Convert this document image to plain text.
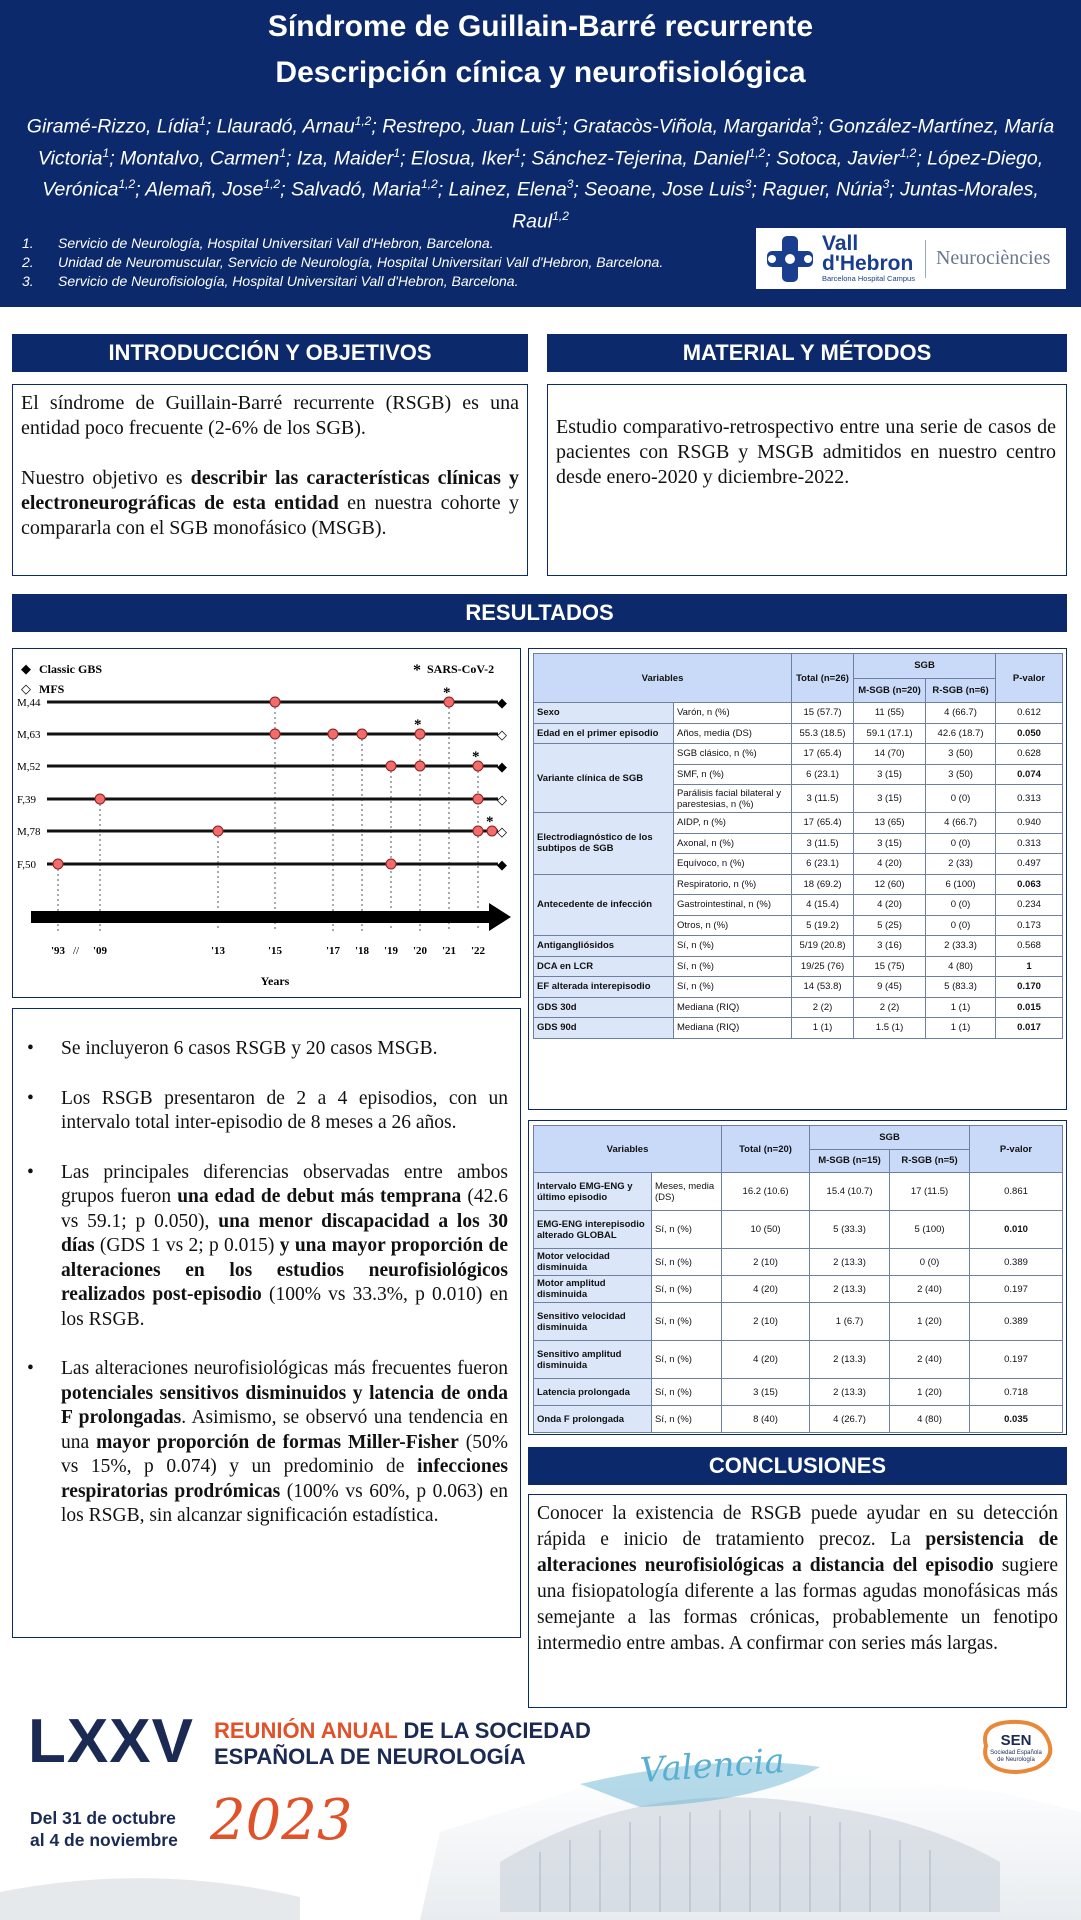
Síndrome de Guillain-Barré recurrente
Descripción cínica y neurofisiológica
Giramé-Rizzo, Lídia$^1$; Llauradó, Arnau$^{1,2}$; Restrepo, Juan Luis$^1$; Gratacòs-Viñola, Margarida$^3$; González-Martínez, María Victoria$^1$; Montalvo, Carmen$^1$; Iza, Maider$^1$; Elosua, Iker$^1$; Sánchez-Tejerina, Daniel$^{1,2}$; Sotoca, Javier$^{1,2}$; López-Diego, Verónica$^{1,2}$; Alemañ, Jose$^{1,2}$; Salvadó, Maria$^{1,2}$; Lainez, Elena$^3$; Seoane, Jose Luis$^3$; Raguer, Núria$^3$; Juntas-Morales, Raul$^{1,2}$
1.	Servicio de Neurología, Hospital Universitari Vall d'Hebron, Barcelona.
2.	Unidad de Neuromuscular, Servicio de Neurología, Hospital Universitari Vall d'Hebron, Barcelona.
3.	Servicio de Neurofisiología, Hospital Universitari Vall d'Hebron, Barcelona.
Vall
d'Hebron
Barcelona Hospital Campus
Neurociències
INTRODUCCIÓN Y OBJETIVOS

El síndrome de Guillain-Barré recurrente (RSGB) es una entidad poco frecuente (2-6% de los SGB).

Nuestro objetivo es describir las características clínicas y electroneurográficas de esta entidad en nuestra cohorte y compararla con el SGB monofásico (MSGB).

MATERIAL Y MÉTODOS

Estudio comparativo-retrospectivo entre una serie de casos de pacientes con RSGB y MSGB admitidos en nuestro centro desde enero-2020 y diciembre-2022.

RESULTADOS
◆ Classic GBS
◇ MFS
* SARS-CoV-2
M,44	◆
*
M,63	◇
*
M,52	◆
*
F,39	◇
M,78	◇
*
F,50	◆
'93	'09	'13	'15	'17 '18 '19 '20 '21 '22
//
Years
• Se incluyeron 6 casos RSGB y 20 casos MSGB.
• Los RSGB presentaron de 2 a 4 episodios, con un intervalo total inter-episodio de 8 meses a 26 años.
• Las principales diferencias observadas entre ambos grupos fueron una edad de debut más temprana (42.6 vs 59.1; p 0.050), una menor discapacidad a los 30 días (GDS 1 vs 2; p 0.015) y una mayor proporción de alteraciones en los estudios neurofisiológicos realizados post-episodio (100% vs 33.3%, p 0.010) en los RSGB.
• Las alteraciones neurofisiológicas más frecuentes fueron potenciales sensitivos disminuidos y latencia de onda F prolongadas. Asimismo, se observó una tendencia en una mayor proporción de formas Miller-Fisher (50% vs 15%, p 0.074) y un predominio de infecciones respiratorias prodrómicas (100% vs 60%, p 0.063) en los RSGB, sin alcanzar significación estadística.
Variables		Total (n=26)	SGB		P-valor
			M-SGB (n=20)	R-SGB (n=6)	
Sexo	Varón, n (%)	15 (57.7)	11 (55)	4 (66.7)	0.612
Edad en el primer episodio	Años, media (DS)	55.3 (18.5)	59.1 (17.1)	42.6 (18.7)	0.050
Variante clínica de SGB	SGB clásico, n (%)	17 (65.4)	14 (70)	3 (50)	0.628
	SMF, n (%)	6 (23.1)	3 (15)	3 (50)	0.074
	Parálisis facial bilateral y parestesias, n (%)	3 (11.5)	3 (15)	0 (0)	0.313
Electrodiagnóstico de los subtipos de SGB	AIDP, n (%)	17 (65.4)	13 (65)	4 (66.7)	0.940
	Axonal, n (%)	3 (11.5)	3 (15)	0 (0)	0.313
	Equívoco, n (%)	6 (23.1)	4 (20)	2 (33)	0.497
Antecedente de infección	Respiratorio, n (%)	18 (69.2)	12 (60)	6 (100)	0.063
	Gastrointestinal, n (%)	4 (15.4)	4 (20)	0 (0)	0.234
	Otros, n (%)	5 (19.2)	5 (25)	0 (0)	0.173
Antigangliósidos	Sí, n (%)	5/19 (20.8)	3 (16)	2 (33.3)	0.568
DCA en LCR	Sí, n (%)	19/25 (76)	15 (75)	4 (80)	1
EF alterada interepisodio	Sí, n (%)	14 (53.8)	9 (45)	5 (83.3)	0.170
GDS 30d	Mediana (RIQ)	2 (2)	2 (2)	1 (1)	0.015
GDS 90d	Mediana (RIQ)	1 (1)	1.5 (1)	1 (1)	0.017
Variables		Total (n=20)	SGB		P-valor
			M-SGB (n=15)	R-SGB (n=5)	
Intervalo EMG-ENG y último episodio	Meses, media (DS)	16.2 (10.6)	15.4 (10.7)	17 (11.5)	0.861
EMG-ENG interepisodio alterado GLOBAL	Sí, n (%)	10 (50)	5 (33.3)	5 (100)	0.010
Motor velocidad disminuida	Sí, n (%)	2 (10)	2 (13.3)	0 (0)	0.389
Motor amplitud disminuida	Sí, n (%)	4 (20)	2 (13.3)	2 (40)	0.197
Sensitivo velocidad disminuida	Sí, n (%)	2 (10)	1 (6.7)	1 (20)	0.389
Sensitivo amplitud disminuida	Sí, n (%)	4 (20)	2 (13.3)	2 (40)	0.197
Latencia prolongada	Sí, n (%)	3 (15)	2 (13.3)	1 (20)	0.718
Onda F prolongada	Sí, n (%)	8 (40)	4 (26.7)	4 (80)	0.035
CONCLUSIONES

Conocer la existencia de RSGB puede ayudar en su detección rápida e inicio de tratamiento precoz. La persistencia de alteraciones neurofisiológicas a distancia del episodio sugiere una fisiopatología diferente a las formas agudas monofásicas más semejante a las formas crónicas, probablemente un fenotipo intermedio entre ambas. A confirmar con series más largas.

LXXV REUNIÓN ANUAL DE LA SOCIEDAD
ESPAÑOLA DE NEUROLOGÍA
Del 31 de octubre
al 4 de noviembre 2023
Valencia
SEN
Sociedad Española
de Neurología
